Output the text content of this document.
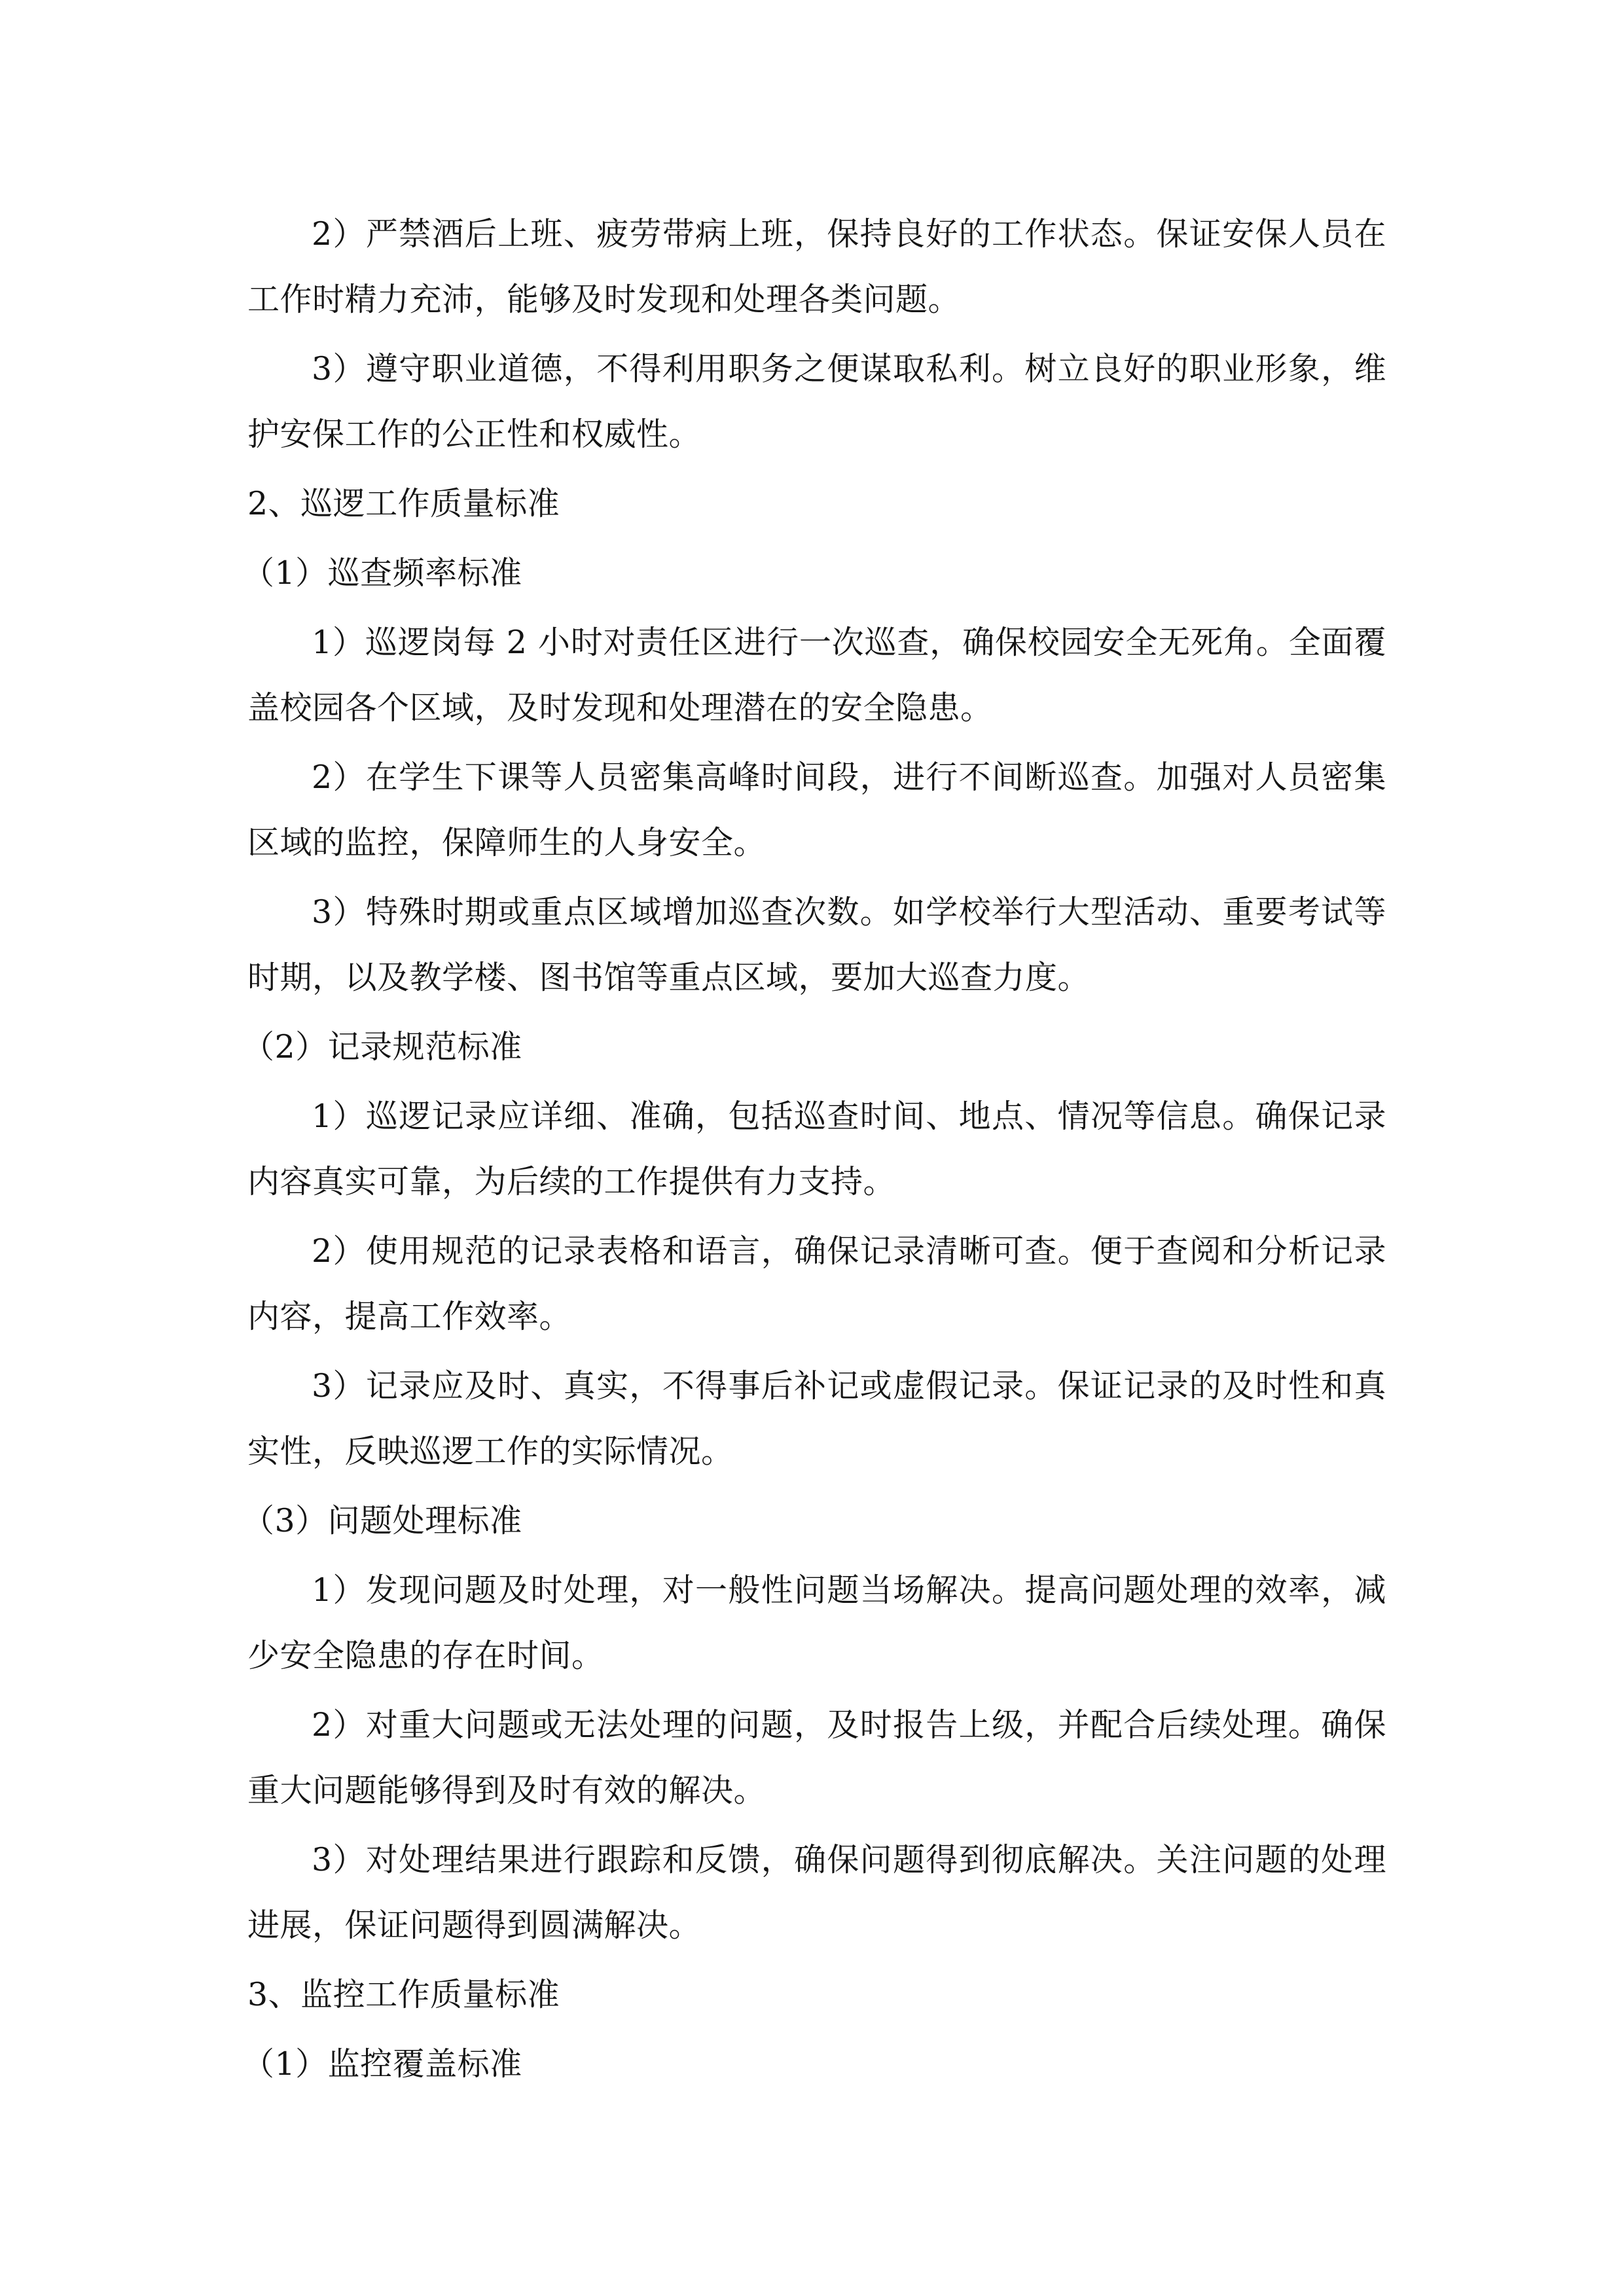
2）严禁酒后上班、疲劳带病上班，保持良好的工作状态。保证安保人员在工作时精力充沛，能够及时发现和处理各类问题。

3）遵守职业道德，不得利用职务之便谋取私利。树立良好的职业形象，维护安保工作的公正性和权威性。

2、巡逻工作质量标准

（1）巡查频率标准

1）巡逻岗每 2 小时对责任区进行一次巡查，确保校园安全无死角。全面覆盖校园各个区域，及时发现和处理潜在的安全隐患。

2）在学生下课等人员密集高峰时间段，进行不间断巡查。加强对人员密集区域的监控，保障师生的人身安全。

3）特殊时期或重点区域增加巡查次数。如学校举行大型活动、重要考试等时期，以及教学楼、图书馆等重点区域，要加大巡查力度。

（2）记录规范标准

1）巡逻记录应详细、准确，包括巡查时间、地点、情况等信息。确保记录内容真实可靠，为后续的工作提供有力支持。

2）使用规范的记录表格和语言，确保记录清晰可查。便于查阅和分析记录内容，提高工作效率。

3）记录应及时、真实，不得事后补记或虚假记录。保证记录的及时性和真实性，反映巡逻工作的实际情况。

（3）问题处理标准

1）发现问题及时处理，对一般性问题当场解决。提高问题处理的效率，减少安全隐患的存在时间。

2）对重大问题或无法处理的问题，及时报告上级，并配合后续处理。确保重大问题能够得到及时有效的解决。

3）对处理结果进行跟踪和反馈，确保问题得到彻底解决。关注问题的处理进展，保证问题得到圆满解决。

3、监控工作质量标准

（1）监控覆盖标准
